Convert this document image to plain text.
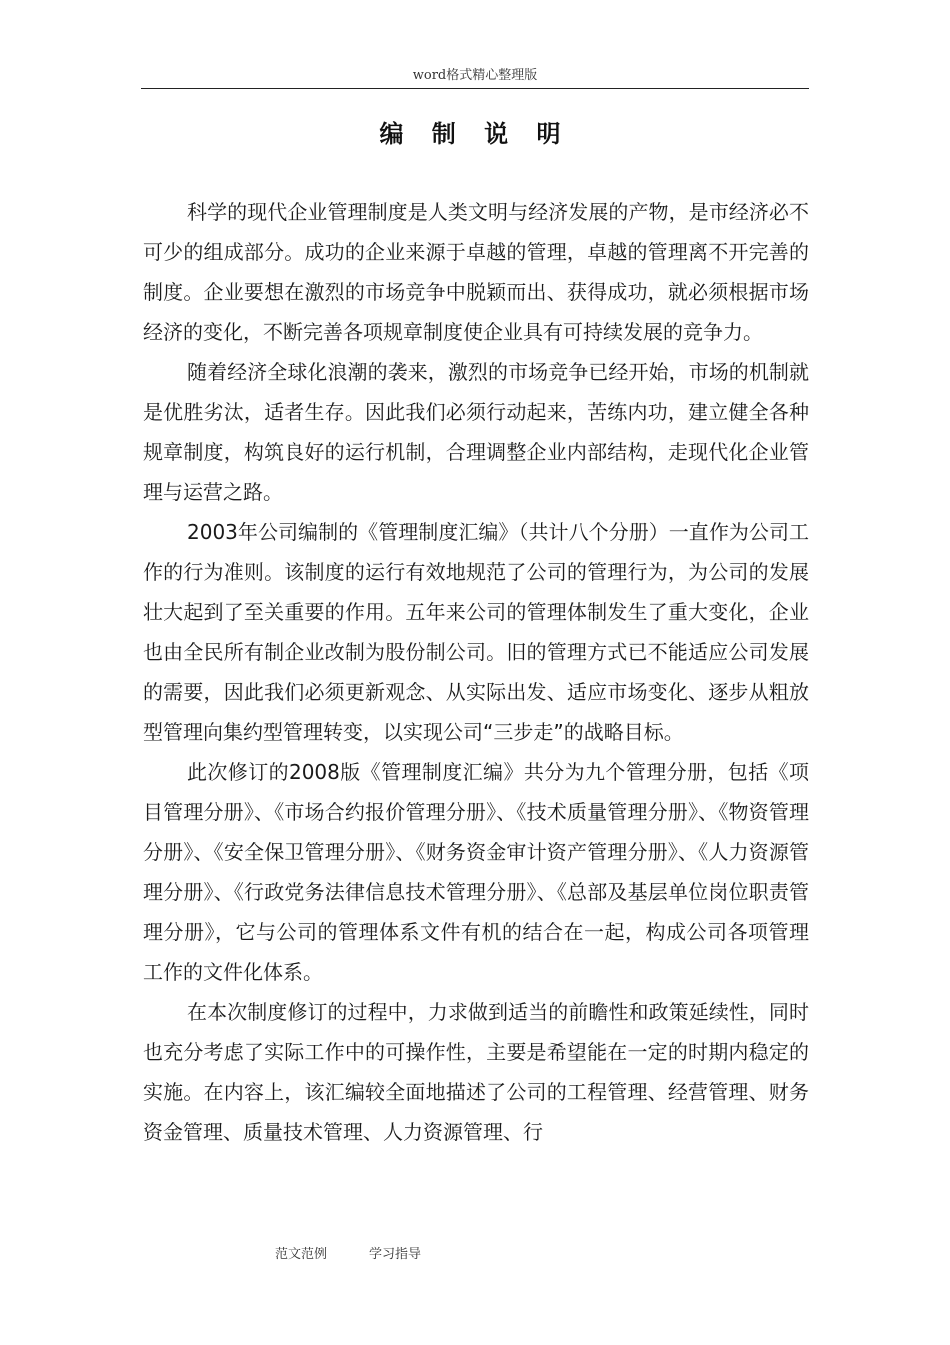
word格式精心整理版
编 制 说 明

科学的现代企业管理制度是人类文明与经济发展的产物，是市经济必不可少的组成部分。成功的企业来源于卓越的管理，卓越的管理离不开完善的制度。企业要想在激烈的市场竞争中脱颖而出、获得成功，就必须根据市场经济的变化，不断完善各项规章制度使企业具有可持续发展的竞争力。

随着经济全球化浪潮的袭来，激烈的市场竞争已经开始，市场的机制就是优胜劣汰，适者生存。因此我们必须行动起来，苦练内功，建立健全各种规章制度，构筑良好的运行机制，合理调整企业内部结构，走现代化企业管理与运营之路。

2003年公司编制的《管理制度汇编》（共计八个分册）一直作为公司工作的行为准则。该制度的运行有效地规范了公司的管理行为，为公司的发展壮大起到了至关重要的作用。五年来公司的管理体制发生了重大变化，企业也由全民所有制企业改制为股份制公司。旧的管理方式已不能适应公司发展的需要，因此我们必须更新观念、从实际出发、适应市场变化、逐步从粗放型管理向集约型管理转变，以实现公司“三步走”的战略目标。

此次修订的2008版《管理制度汇编》共分为九个管理分册，包括《项目管理分册》、《市场合约报价管理分册》、《技术质量管理分册》、《物资管理分册》、《安全保卫管理分册》、《财务资金审计资产管理分册》、《人力资源管理分册》、《行政党务法律信息技术管理分册》、《总部及基层单位岗位职责管理分册》，它与公司的管理体系文件有机的结合在一起，构成公司各项管理工作的文件化体系。

在本次制度修订的过程中，力求做到适当的前瞻性和政策延续性，同时也充分考虑了实际工作中的可操作性，主要是希望能在一定的时期内稳定的实施。在内容上，该汇编较全面地描述了公司的工程管理、经营管理、财务资金管理、质量技术管理、人力资源管理、行

范文范例	学习指导
